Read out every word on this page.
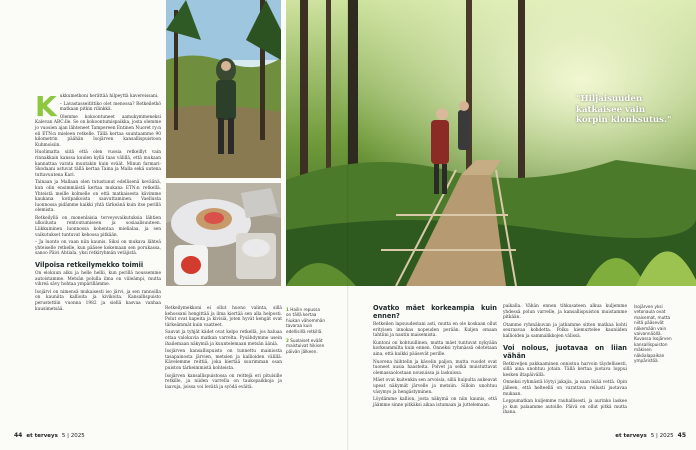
K ukkumetkoni herättää hilpeyttä kavereissani.

– Lavastasseitittiko olet menossa? Retkeiletkö matkaan pitkin rilinkkä.

Olemme kokoontuneet aamukymmeneksi Kalevan ABC:lle. Se on kokoontumispaikka, josta olemme jo vuosien ajan lähteneet Tampereen Entinen Nuoret ry:n eli ETN:n mieleen retkelle. Tällä kertaa suuntaamme 90 kilometrin päähän Isojärven kansallispuistoon Kuhmoisiin.

Huolimatta siitä että olen vuosia retkeillyt vain rinnakkain kanssa kuulen kyllä taas välillä, että mukaan kannattaa varata muutakin kuin eväät. Minun farmari-Skodaani astuvat tällä kertaa Taina ja Malla sekä uutena tuttavuutena Kari.

Tainaan ja Mallaan olen tutustunut edellisenä keväänä, kun olin ensimmäistä kertaa mukana ETN:n retkellä. Yhteistä meille kolmelle on että matkaisesta kävimme kaukana kotipaikoista saavuttaminen. Vaellusta luonnossa pidämme kaikki yhtä tärkeänä kuin itse perillä olemista.

Retkeilyllä on monenlaisia terveysvaikutuksia lähtien ulkoilusta rentoutumiseen ja sosiaalisuuteen. Liikkuminen luonnossa kohentaa mielialaa, ja sen vaikutukset tuntuvat kehossa pitkään.

– Ja luonto on vaan niin kaunis. Siksi on mukava lähteä yhteiselle retkelle, kun pääsee kokemaan sen porukassa, sanoo Päivi Ahtiala, yksi retkiryhmän vetäjistä.

Vilpoisa retkeilymekko toimii

On elokuun alku ja helle hellii, kun perillä noussemme autoistamme. Metsän polulla ilma on viileämpi, mutta vihreä sävy hohtaa ympärillämme.

Isojärvi on nimensä mukaisesti iso järvi, ja sen rannoilla on kauniita kallioita ja kivikoita. Kansallispuisto perustettiin vuonna 1982 ja siellä kasvaa vanhaa kuusimetsää.	Retkeilymekkoni ei ollut huono valinta, sillä kehossani hengittää ja ilma kiertää sen alla helposti. Polut ovat kapeita ja kivisiä, joten hyvät kengät ovat tärkeämmät kuin vaatteet.

Sauvat ja tyhjät kädet ovat kelpo retkellä, jos haluaa ottaa valokuvia matkan varrelta. Pysähdymme usein ihailemaan näkymiä ja kuuntelemaan metsän ääniä.

Isojärven kansallispuisto on tunnettu mainiosta tasapainosta järvien, metsien ja kallioiden välillä. Kävelemme reittiä, joka kiertää suurimman osan puiston tärkeimmistä kohteista.

Isojärven kansallispuistossa on reittejä eri pituisille retkille, ja niiden varrella on taukopaikkoja ja laavuja, joissa voi levätä ja syödä eväitä.

"Hiljaisuuden katkaisee vain korpin klonksutus."
1 Hailin repussa on tällä kertaa hiukan vähemmän tavaraa kuin edellisillä retkillä.
2 Suolaiset eväät maistuivat hikisen päivän jälkeen.
Ovatko mäet korkeampia kuin ennen?

Retkeilen lapsuudestani asti, mutta en ole koskaan ollut erityisen innokas nopeuden perään. Kuljen omaan tahtiini ja nautin maisemista.

Kuntoni on kohtuullinen, mutta mäet tuntuvat nykyään korkeammilta kuin ennen. Onneksi ryhmässä odotetaan aina, että kaikki pääsevät perille.

Nuorena hiihtelin ja kävelin paljon, mutta vuodet ovat tuoneet uusia haasteita. Polvet ja selkä muistuttavat olemassaolostaan nousuissa ja laskuissa.

Mäet ovat kuitenkin sen arvoisia, sillä huipulta aukeavat upeat näkymät järvelle ja metsiin. Silloin unohtuu väsymys ja hengästyminen.

Löydämme kallion, josta näkymä on niin kaunis, että jäämme sinne pitkäksi aikaa istumaan ja juttelemaan.

paikalla. Vähän ennen tihkusateen alkua kuljemme yhdessä polun varrelle, ja kansallispuiston muistamme pitkään.

Otamme ryhmäkuvan ja jatkamme sitten matkaa kohti seuraavaa kohdetta. Polku kiemurtelee kauniiden kallioiden ja sammalikkojen välissä.

Voi nolous, juotavaa on liian vähän

Retkiveljen pakkaaminen onnistuu harvoin täydellisesti, sillä aina unohtuu jotain. Tällä kertaa juotava loppui kesken iltapäivällä.

Onneksi ryhmästä löytyi jakajia, ja saan lisää vettä. Opin jälleen, että helteellä on varattava reilusti juotavaa mukaan.

Loppumatkan kuljemme rauhallisesti, ja aurinko laskee jo kun palaamme autoille. Päivä on ollut pitkä mutta ihana.

Isojärven yksi vetonaula ovat maisemat, mutta niitä pääsevät näkemään vain vaivannäöllä. Kuvassa Isojärven kansallispuiston mäkisen näköalapaikan ympäristöä.
44 et terveys 5 | 2025	et terveys 5 | 2025 45
